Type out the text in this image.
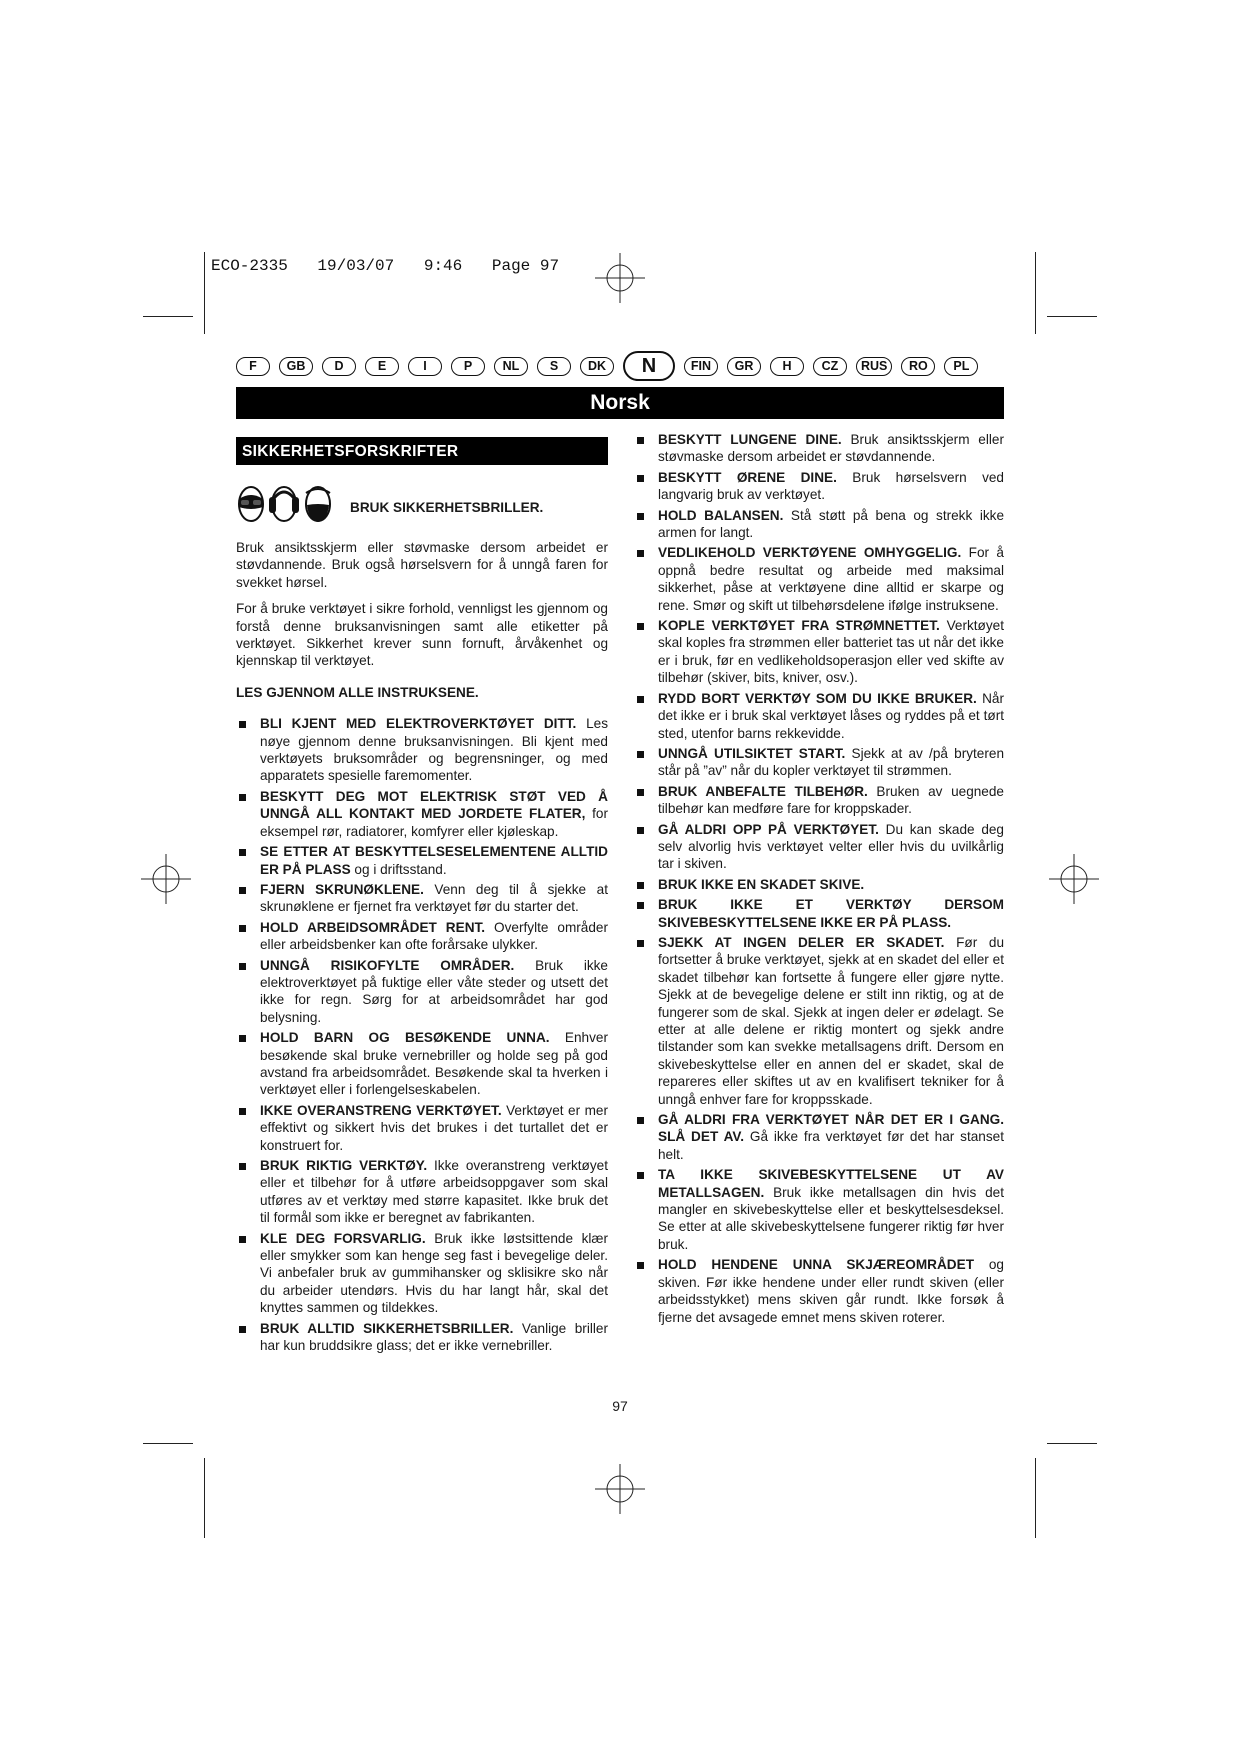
ECO-2335 19/03/07 9:46 Page 97
F	GB	D	E	I	P	NL	S	DK	N	FIN	GR	H	CZ	RUS	RO	PL
Norsk
SIKKERHETSFORSKRIFTER
BRUK SIKKERHETSBRILLER.

Bruk ansiktsskjerm eller støvmaske dersom arbeidet er støvdannende. Bruk også hørselsvern for å unngå faren for svekket hørsel.

For å bruke verktøyet i sikre forhold, vennligst les gjennom og forstå denne bruksanvisningen samt alle etiketter på verktøyet. Sikkerhet krever sunn fornuft, årvåkenhet og kjennskap til verktøyet.

LES GJENNOM ALLE INSTRUKSENE.
BLI KJENT MED ELEKTROVERKTØYET DITT. Les nøye gjennom denne bruksanvisningen. Bli kjent med verktøyets bruksområder og begrensninger, og med apparatets spesielle faremomenter.
BESKYTT DEG MOT ELEKTRISK STØT VED Å UNNGÅ ALL KONTAKT MED JORDETE FLATER, for eksempel rør, radiatorer, komfyrer eller kjøleskap.
SE ETTER AT BESKYTTELSESELEMENTENE ALLTID ER PÅ PLASS og i driftsstand.
FJERN SKRUNØKLENE. Venn deg til å sjekke at skrunøklene er fjernet fra verktøyet før du starter det.
HOLD ARBEIDSOMRÅDET RENT. Overfylte områder eller arbeidsbenker kan ofte forårsake ulykker.
UNNGÅ RISIKOFYLTE OMRÅDER. Bruk ikke elektroverktøyet på fuktige eller våte steder og utsett det ikke for regn. Sørg for at arbeidsområdet har god belysning.
HOLD BARN OG BESØKENDE UNNA. Enhver besøkende skal bruke vernebriller og holde seg på god avstand fra arbeidsområdet. Besøkende skal ta hverken i verktøyet eller i forlengelseskabelen.
IKKE OVERANSTRENG VERKTØYET. Verktøyet er mer effektivt og sikkert hvis det brukes i det turtallet det er konstruert for.
BRUK RIKTIG VERKTØY. Ikke overanstreng verktøyet eller et tilbehør for å utføre arbeidsoppgaver som skal utføres av et verktøy med større kapasitet. Ikke bruk det til formål som ikke er beregnet av fabrikanten.
KLE DEG FORSVARLIG. Bruk ikke løstsittende klær eller smykker som kan henge seg fast i bevegelige deler. Vi anbefaler bruk av gummihansker og sklisikre sko når du arbeider utendørs. Hvis du har langt hår, skal det knyttes sammen og tildekkes.
BRUK ALLTID SIKKERHETSBRILLER. Vanlige briller har kun bruddsikre glass; det er ikke vernebriller.
BESKYTT LUNGENE DINE. Bruk ansiktsskjerm eller støvmaske dersom arbeidet er støvdannende.
BESKYTT ØRENE DINE. Bruk hørselsvern ved langvarig bruk av verktøyet.
HOLD BALANSEN. Stå støtt på bena og strekk ikke armen for langt.
VEDLIKEHOLD VERKTØYENE OMHYGGELIG. For å oppnå bedre resultat og arbeide med maksimal sikkerhet, påse at verktøyene dine alltid er skarpe og rene. Smør og skift ut tilbehørsdelene ifølge instruksene.
KOPLE VERKTØYET FRA STRØMNETTET. Verktøyet skal koples fra strømmen eller batteriet tas ut når det ikke er i bruk, før en vedlikeholdsoperasjon eller ved skifte av tilbehør (skiver, bits, kniver, osv.).
RYDD BORT VERKTØY SOM DU IKKE BRUKER. Når det ikke er i bruk skal verktøyet låses og ryddes på et tørt sted, utenfor barns rekkevidde.
UNNGÅ UTILSIKTET START. Sjekk at av /på bryteren står på ”av” når du kopler verktøyet til strømmen.
BRUK ANBEFALTE TILBEHØR. Bruken av uegnede tilbehør kan medføre fare for kroppskader.
GÅ ALDRI OPP PÅ VERKTØYET. Du kan skade deg selv alvorlig hvis verktøyet velter eller hvis du uvilkårlig tar i skiven.
BRUK IKKE EN SKADET SKIVE.
BRUK IKKE ET VERKTØY DERSOM SKIVEBESKYTTELSENE IKKE ER PÅ PLASS.
SJEKK AT INGEN DELER ER SKADET. Før du fortsetter å bruke verktøyet, sjekk at en skadet del eller et skadet tilbehør kan fortsette å fungere eller gjøre nytte. Sjekk at de bevegelige delene er stilt inn riktig, og at de fungerer som de skal. Sjekk at ingen deler er ødelagt. Se etter at alle delene er riktig montert og sjekk andre tilstander som kan svekke metallsagens drift. Dersom en skivebeskyttelse eller en annen del er skadet, skal de repareres eller skiftes ut av en kvalifisert tekniker for å unngå enhver fare for kroppsskade.
GÅ ALDRI FRA VERKTØYET NÅR DET ER I GANG. SLÅ DET AV. Gå ikke fra verktøyet før det har stanset helt.
TA IKKE SKIVEBESKYTTELSENE UT AV METALLSAGEN. Bruk ikke metallsagen din hvis det mangler en skivebeskyttelse eller et beskyttelsesdeksel. Se etter at alle skivebeskyttelsene fungerer riktig før hver bruk.
HOLD HENDENE UNNA SKJÆREOMRÅDET og skiven. Før ikke hendene under eller rundt skiven (eller arbeidsstykket) mens skiven går rundt. Ikke forsøk å fjerne det avsagede emnet mens skiven roterer.
97
